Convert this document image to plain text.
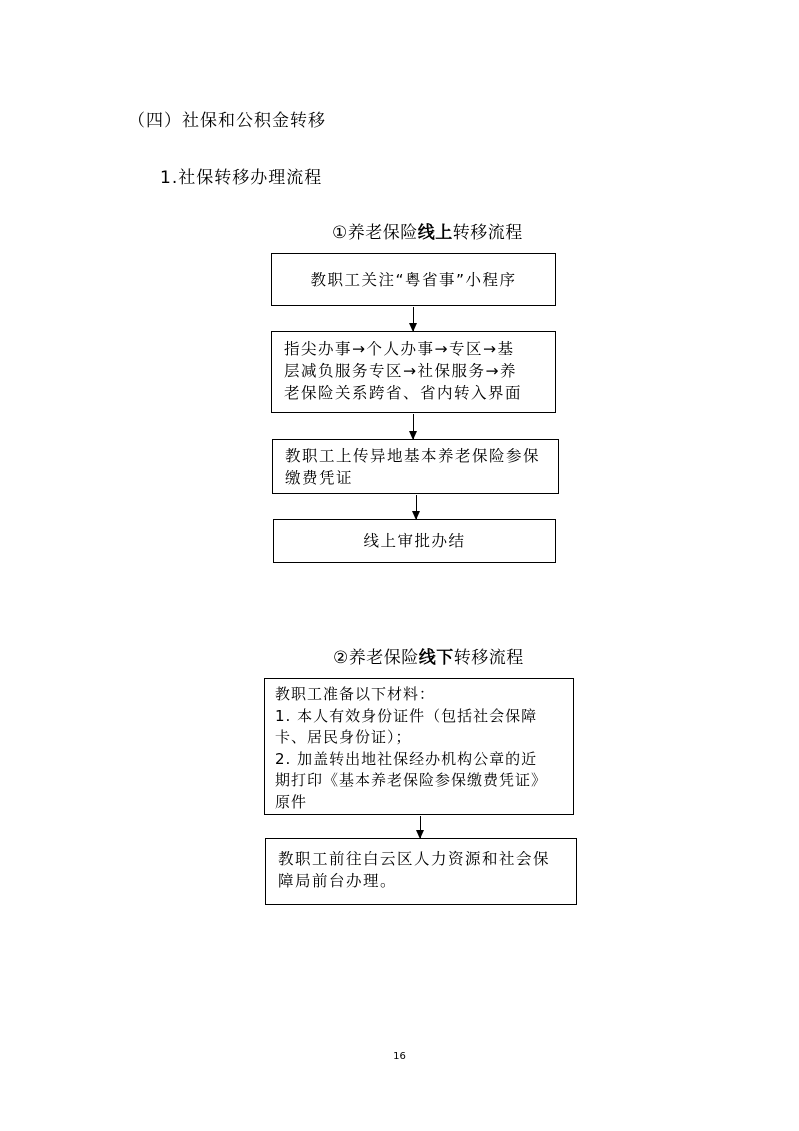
（四）社保和公积金转移
1.社保转移办理流程
①养老保险线上转移流程
教职工关注“粤省事”小程序
指尖办事→个人办事→专区→基
层减负服务专区→社保服务→养
老保险关系跨省、省内转入界面
教职工上传异地基本养老保险参保
缴费凭证
线上审批办结
②养老保险线下转移流程
教职工准备以下材料：
1. 本人有效身份证件（包括社会保障
卡、居民身份证）；
2. 加盖转出地社保经办机构公章的近
期打印《基本养老保险参保缴费凭证》
原件
教职工前往白云区人力资源和社会保
障局前台办理。
16
